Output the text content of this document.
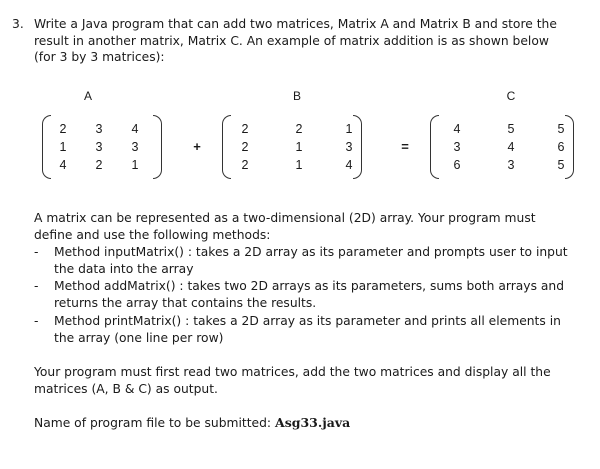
3. Write a Java program that can add two matrices, Matrix A and Matrix B and store the result in another matrix, Matrix C. An example of matrix addition is as shown below (for 3 by 3 matrices):
A	B	C
2 3 4
1 3 3
4 2 1
+
2	2	1
2	1	3
2	1	4
=
4	5	5
3	4	6
6	3	5
A matrix can be represented as a two-dimensional (2D) array. Your program must define and use the following methods:
- Method inputMatrix() : takes a 2D array as its parameter and prompts user to input the data into the array
- Method addMatrix() : takes two 2D arrays as its parameters, sums both arrays and returns the array that contains the results.
- Method printMatrix() : takes a 2D array as its parameter and prints all elements in the array (one line per row)
Your program must first read two matrices, add the two matrices and display all the matrices (A, B & C) as output.
Name of program file to be submitted: Asg33.java
